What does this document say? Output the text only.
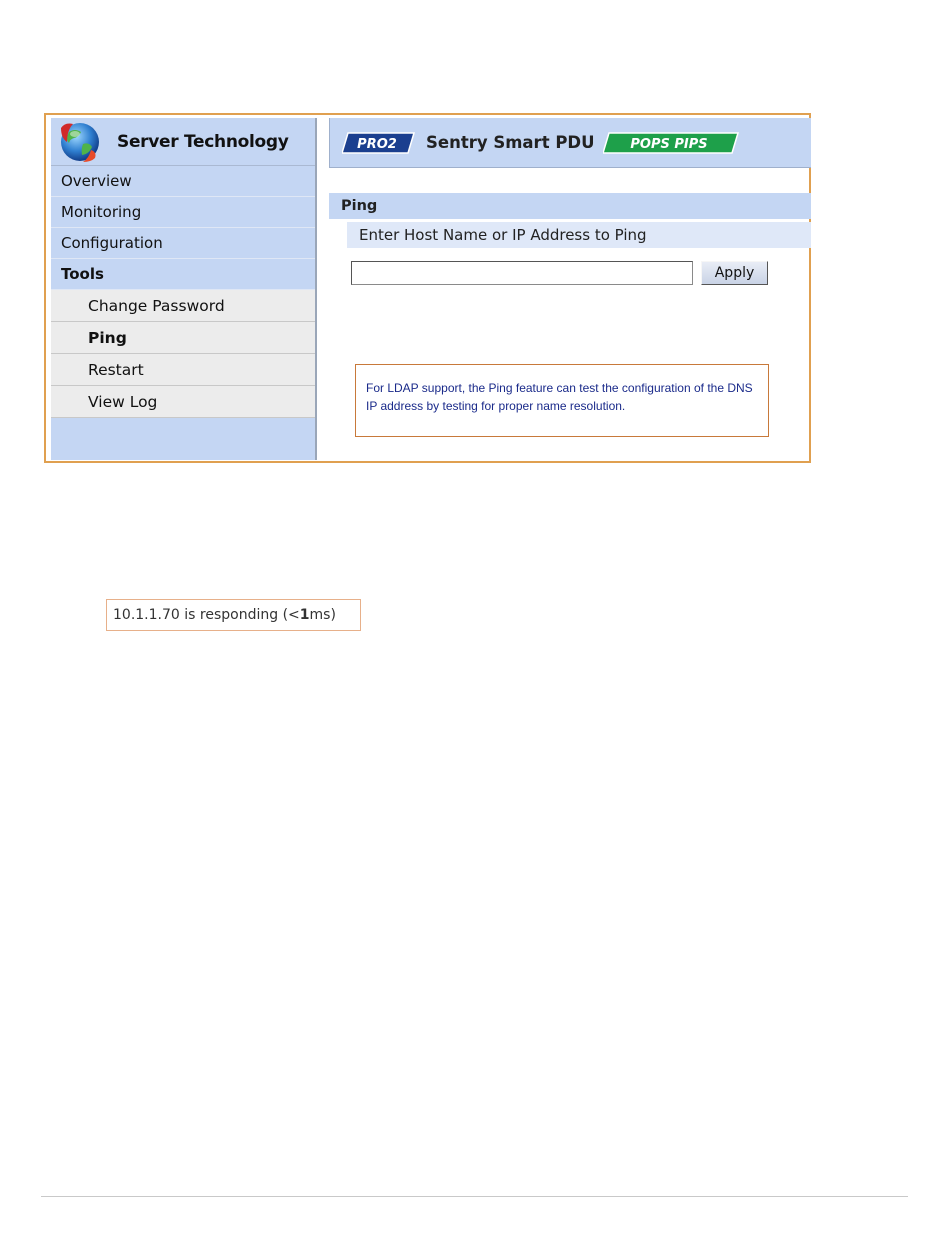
Server Technology
Overview
Monitoring
Configuration
Tools
Change Password
Ping
Restart
View Log
PRO2 Sentry Smart PDU	POPS PIPS
Ping
Enter Host Name or IP Address to Ping
Apply
For LDAP support, the Ping feature can test the configuration of the DNS IP address by testing for proper name resolution.
10.1.1.70
is responding
(< 1 ms)
